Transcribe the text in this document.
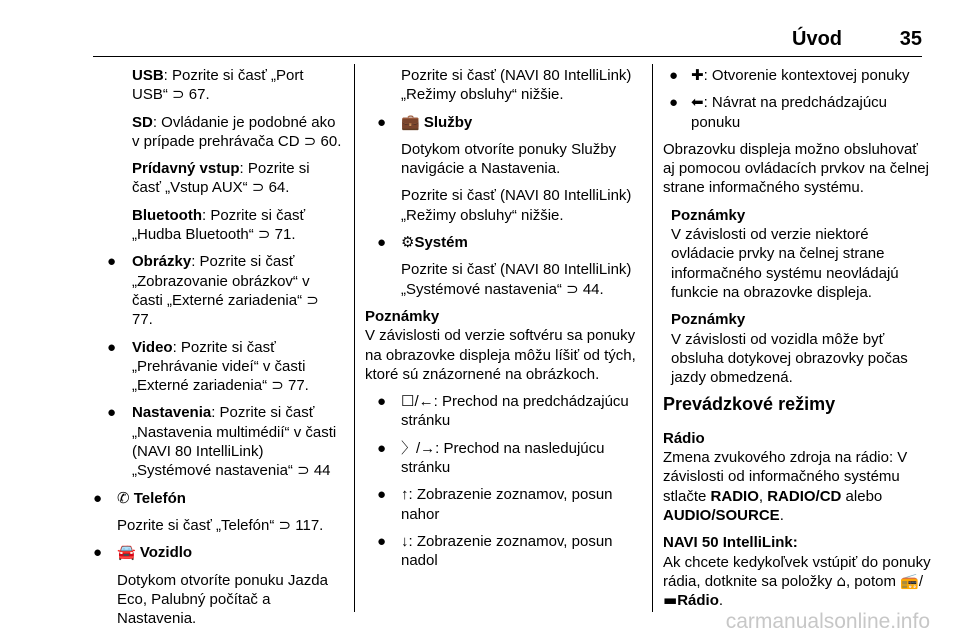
Úvod	35

USB: Pozrite si časť „Port USB“ ⊃ 67.

SD: Ovládanie je podobné ako v prípade prehrávača CD ⊃ 60.

Prídavný vstup: Pozrite si časť „Vstup AUX“ ⊃ 64.

Bluetooth: Pozrite si časť „Hudba Bluetooth“ ⊃ 71.

● Obrázky: Pozrite si časť „Zobrazovanie obrázkov“ v časti „Externé zariadenia“ ⊃ 77.
● Video: Pozrite si časť „Prehrávanie videí“ v časti „Externé zariadenia“ ⊃ 77.
● Nastavenia: Pozrite si časť „Nastavenia multimédií“ v časti (NAVI 80 IntelliLink) „Systémové nastavenia“ ⊃ 44
● ✆ Telefón

Pozrite si časť „Telefón“ ⊃ 117.

● 🚘 Vozidlo

Dotykom otvoríte ponuku Jazda Eco, Palubný počítač a Nastavenia.

Pozrite si časť (NAVI 80 IntelliLink) „Režimy obsluhy“ nižšie.

● 💼 Služby

Dotykom otvoríte ponuky Služby navigácie a Nastavenia.

Pozrite si časť (NAVI 80 IntelliLink) „Režimy obsluhy“ nižšie.

● ⚙Systém

Pozrite si časť (NAVI 80 IntelliLink) „Systémové nastavenia“ ⊃ 44.

Poznámky

V závislosti od verzie softvéru sa ponuky na obrazovke displeja môžu líšiť od tých, ktoré sú znázornené na obrázkoch.

● ☐/←: Prechod na predchádzajúcu stránku
● 〉/→: Prechod na nasledujúcu stránku
● ↑: Zobrazenie zoznamov, posun nahor
● ↓: Zobrazenie zoznamov, posun nadol
● ✚: Otvorenie kontextovej ponuky
● ⬅: Návrat na predchádzajúcu ponuku

Obrazovku displeja možno obsluhovať aj pomocou ovládacích prvkov na čelnej strane informačného systému.

Poznámky

V závislosti od verzie niektoré ovládacie prvky na čelnej strane informačného systému neovládajú funkcie na obrazovke displeja.

Poznámky

V závislosti od vozidla môže byť obsluha dotykovej obrazovky počas jazdy obmedzená.

Prevádzkové režimy

Rádio

Zmena zvukového zdroja na rádio: V závislosti od informačného systému stlačte RADIO, RADIO/CD alebo AUDIO/SOURCE.

NAVI 50 IntelliLink:

Ak chcete kedykoľvek vstúpiť do ponuky rádia, dotknite sa položky ⌂, potom 📻/▬Rádio.

carmanualsonline.info
